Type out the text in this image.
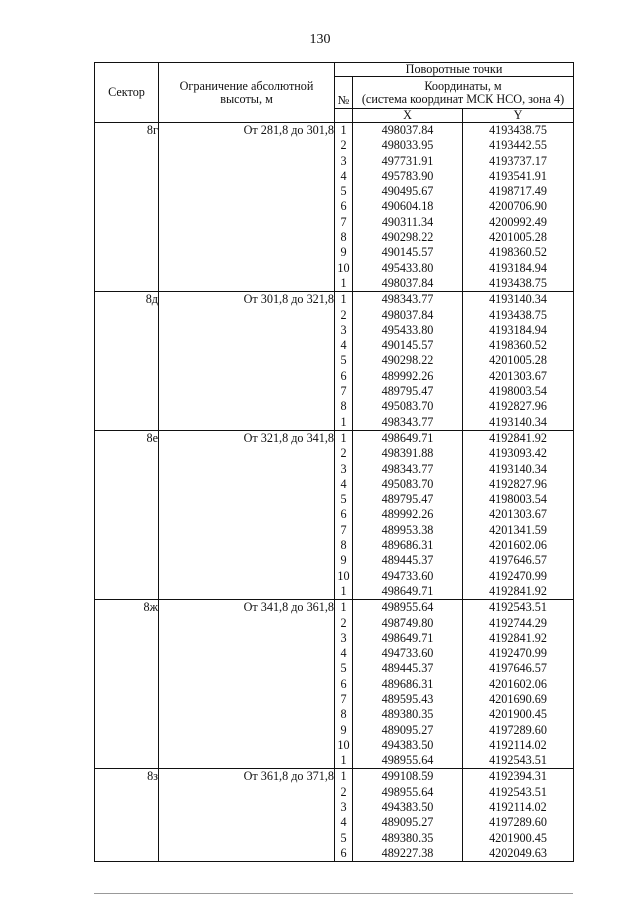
130
Сектор	Ограничение абсолютной высоты, м	Поворотные точки		
		№	Координаты, м
(система координат МСК НСО, зона 4)	

			X	Y
8г	От 281,8 до 301,8	1	498037.84	4193438.75
		2	498033.95	4193442.55
		3	497731.91	4193737.17
		4	495783.90	4193541.91
		5	490495.67	4198717.49
		6	490604.18	4200706.90
		7	490311.34	4200992.49
		8	490298.22	4201005.28
		9	490145.57	4198360.52
		10	495433.80	4193184.94
		1	498037.84	4193438.75
8д	От 301,8 до 321,8	1	498343.77	4193140.34
		2	498037.84	4193438.75
		3	495433.80	4193184.94
		4	490145.57	4198360.52
		5	490298.22	4201005.28
		6	489992.26	4201303.67
		7	489795.47	4198003.54
		8	495083.70	4192827.96
		1	498343.77	4193140.34
8е	От 321,8 до 341,8	1	498649.71	4192841.92
		2	498391.88	4193093.42
		3	498343.77	4193140.34
		4	495083.70	4192827.96
		5	489795.47	4198003.54
		6	489992.26	4201303.67
		7	489953.38	4201341.59
		8	489686.31	4201602.06
		9	489445.37	4197646.57
		10	494733.60	4192470.99
		1	498649.71	4192841.92
8ж	От 341,8 до 361,8	1	498955.64	4192543.51
		2	498749.80	4192744.29
		3	498649.71	4192841.92
		4	494733.60	4192470.99
		5	489445.37	4197646.57
		6	489686.31	4201602.06
		7	489595.43	4201690.69
		8	489380.35	4201900.45
		9	489095.27	4197289.60
		10	494383.50	4192114.02
		1	498955.64	4192543.51
8з	От 361,8 до 371,8	1	499108.59	4192394.31
		2	498955.64	4192543.51
		3	494383.50	4192114.02
		4	489095.27	4197289.60
		5	489380.35	4201900.45
		6	489227.38	4202049.63
